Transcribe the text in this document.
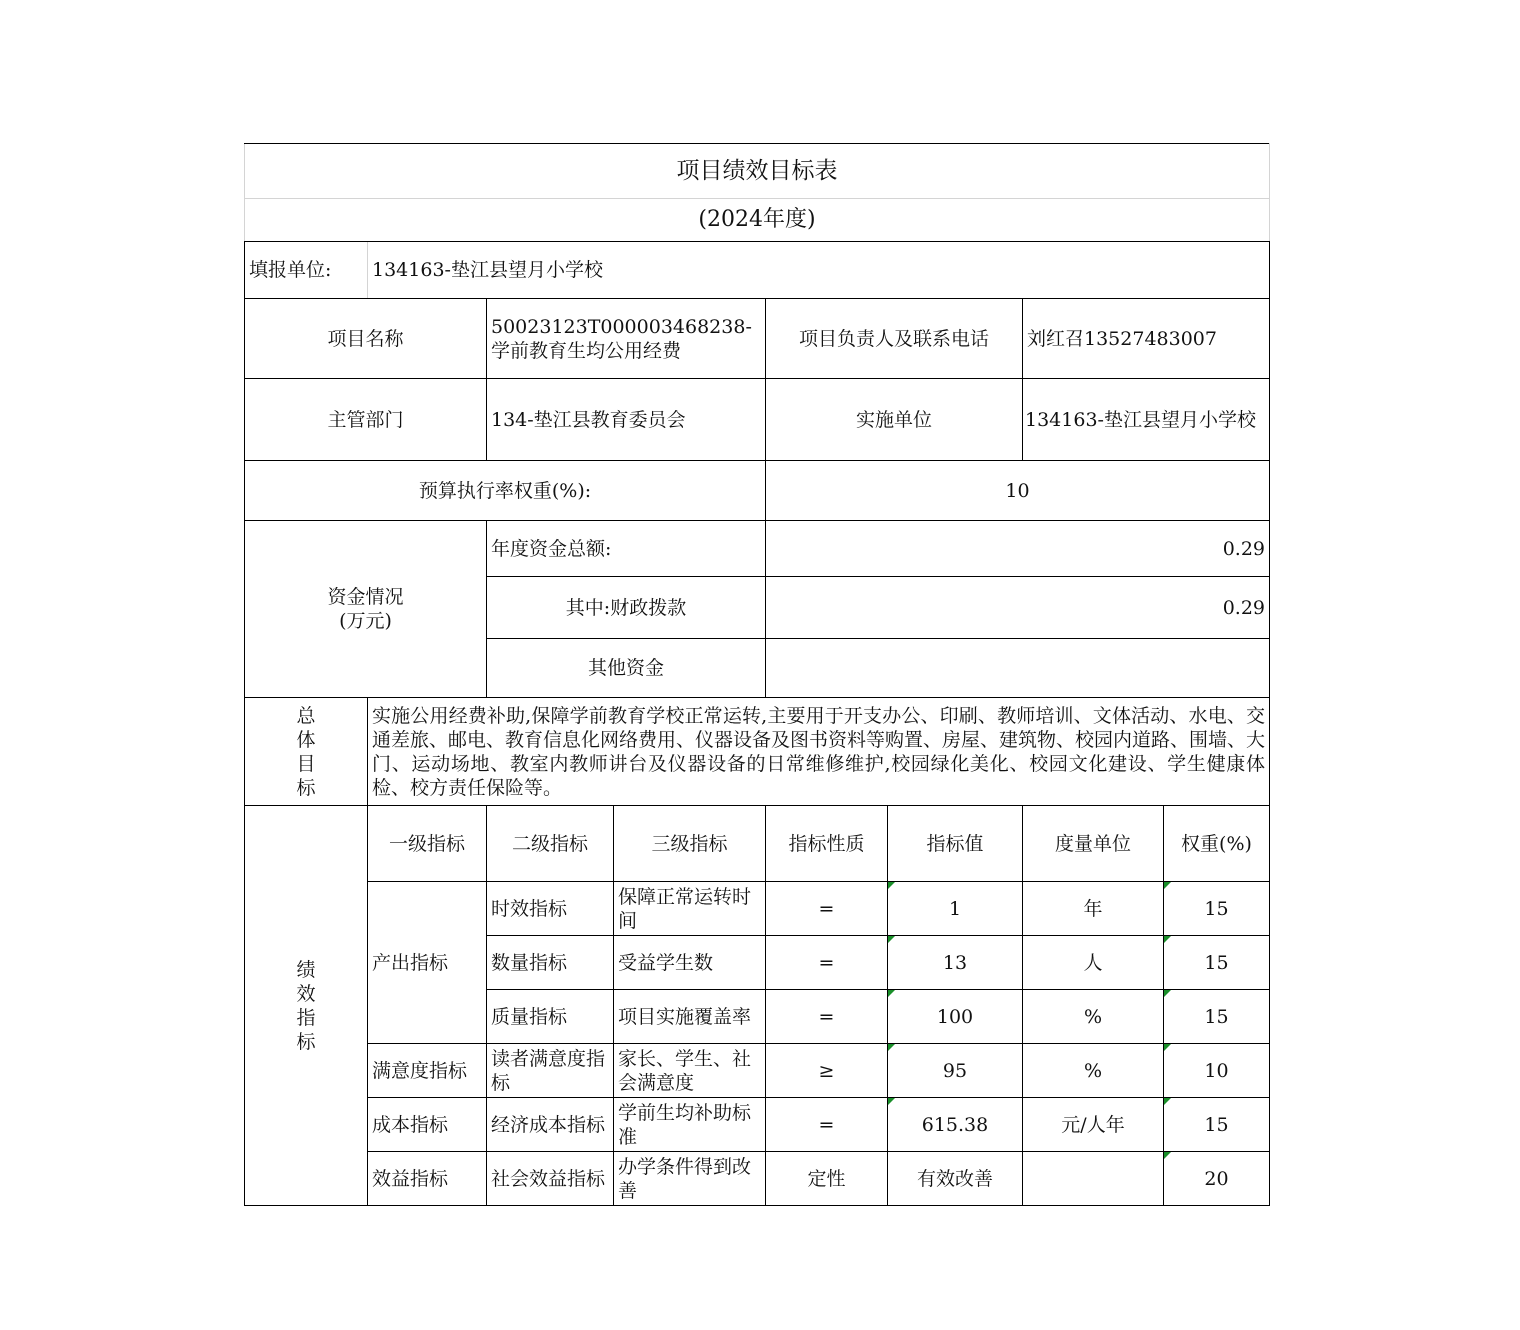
项目绩效目标表							
(2024年度)							
填报单位:	134163-垫江县望月小学校						
项目名称		50023123T000003468238-学前教育生均公用经费		项目负责人及联系电话		刘红召13527483007	
主管部门		134-垫江县教育委员会		实施单位		134163-垫江县望月小学校	
预算执行率权重(%):				10			

资金情况
(万元)		年度资金总额:		0.29			
		其中:财政拨款		0.29			
		其他资金					

总
体
目
标	实施公用经费补助,保障学前教育学校正常运转,主要用于开支办公、印刷、教师培训、文体活动、水电、交通差旅、邮电、教育信息化网络费用、仪器设备及图书资料等购置、房屋、建筑物、校园内道路、围墙、大门、运动场地、教室内教师讲台及仪器设备的日常维修维护,校园绿化美化、校园文化建设、学生健康体检、校方责任保险等。						

绩
效
指
标	一级指标	二级指标	三级指标	指标性质	指标值	度量单位	权重(%)
	产出指标	时效指标	保障正常运转时间	=	1	年	15
		数量指标	受益学生数	=	13	人	15
		质量指标	项目实施覆盖率	=	100	%	15
	满意度指标	读者满意度指标	家长、学生、社会满意度	≥	95	%	10
	成本指标	经济成本指标	学前生均补助标准	=	615.38	元/人年	15
	效益指标	社会效益指标	办学条件得到改善	定性	有效改善		20
